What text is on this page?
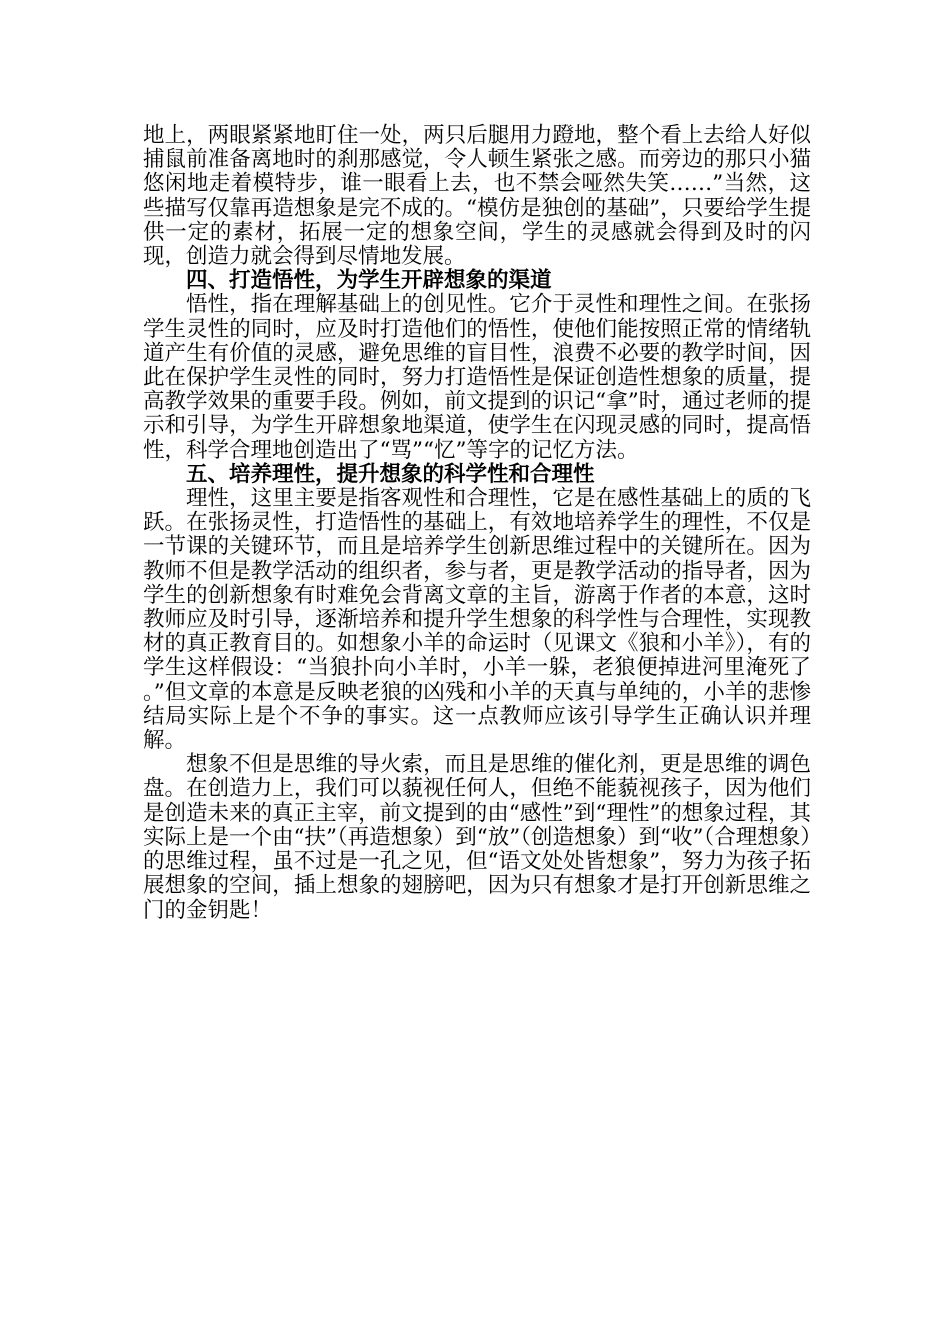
地上，两眼紧紧地盯住一处，两只后腿用力蹬地，整个看上去给人好似捕鼠前准备离地时的刹那感觉，令人顿生紧张之感。而旁边的那只小猫悠闲地走着模特步，谁一眼看上去，也不禁会哑然失笑……”当然，这些描写仅靠再造想象是完不成的。“模仿是独创的基础”，只要给学生提供一定的素材，拓展一定的想象空间，学生的灵感就会得到及时的闪现，创造力就会得到尽情地发展。

四、打造悟性，为学生开辟想象的渠道

悟性，指在理解基础上的创见性。它介于灵性和理性之间。在张扬学生灵性的同时，应及时打造他们的悟性，使他们能按照正常的情绪轨道产生有价值的灵感，避免思维的盲目性，浪费不必要的教学时间，因此在保护学生灵性的同时，努力打造悟性是保证创造性想象的质量，提高教学效果的重要手段。例如，前文提到的识记“拿”时，通过老师的提示和引导，为学生开辟想象地渠道，使学生在闪现灵感的同时，提高悟性，科学合理地创造出了“骂”“忆”等字的记忆方法。

五、培养理性，提升想象的科学性和合理性

理性，这里主要是指客观性和合理性，它是在感性基础上的质的飞跃。在张扬灵性，打造悟性的基础上，有效地培养学生的理性，不仅是一节课的关键环节，而且是培养学生创新思维过程中的关键所在。因为教师不但是教学活动的组织者，参与者，更是教学活动的指导者，因为学生的创新想象有时难免会背离文章的主旨，游离于作者的本意，这时教师应及时引导，逐渐培养和提升学生想象的科学性与合理性，实现教材的真正教育目的。如想象小羊的命运时（见课文《狼和小羊》），有的学生这样假设：“当狼扑向小羊时，小羊一躲，老狼便掉进河里淹死了 。”但文章的本意是反映老狼的凶残和小羊的天真与单纯的，小羊的悲惨结局实际上是个不争的事实。这一点教师应该引导学生正确认识并理解。

想象不但是思维的导火索，而且是思维的催化剂，更是思维的调色盘。在创造力上，我们可以藐视任何人，但绝不能藐视孩子，因为他们是创造未来的真正主宰，前文提到的由“感性”到“理性”的想象过程，其实际上是一个由“扶”（再造想象）到“放”（创造想象）到“收”（合理想象）的思维过程，虽不过是一孔之见，但“语文处处皆想象”，努力为孩子拓展想象的空间，插上想象的翅膀吧，因为只有想象才是打开创新思维之门的金钥匙！
